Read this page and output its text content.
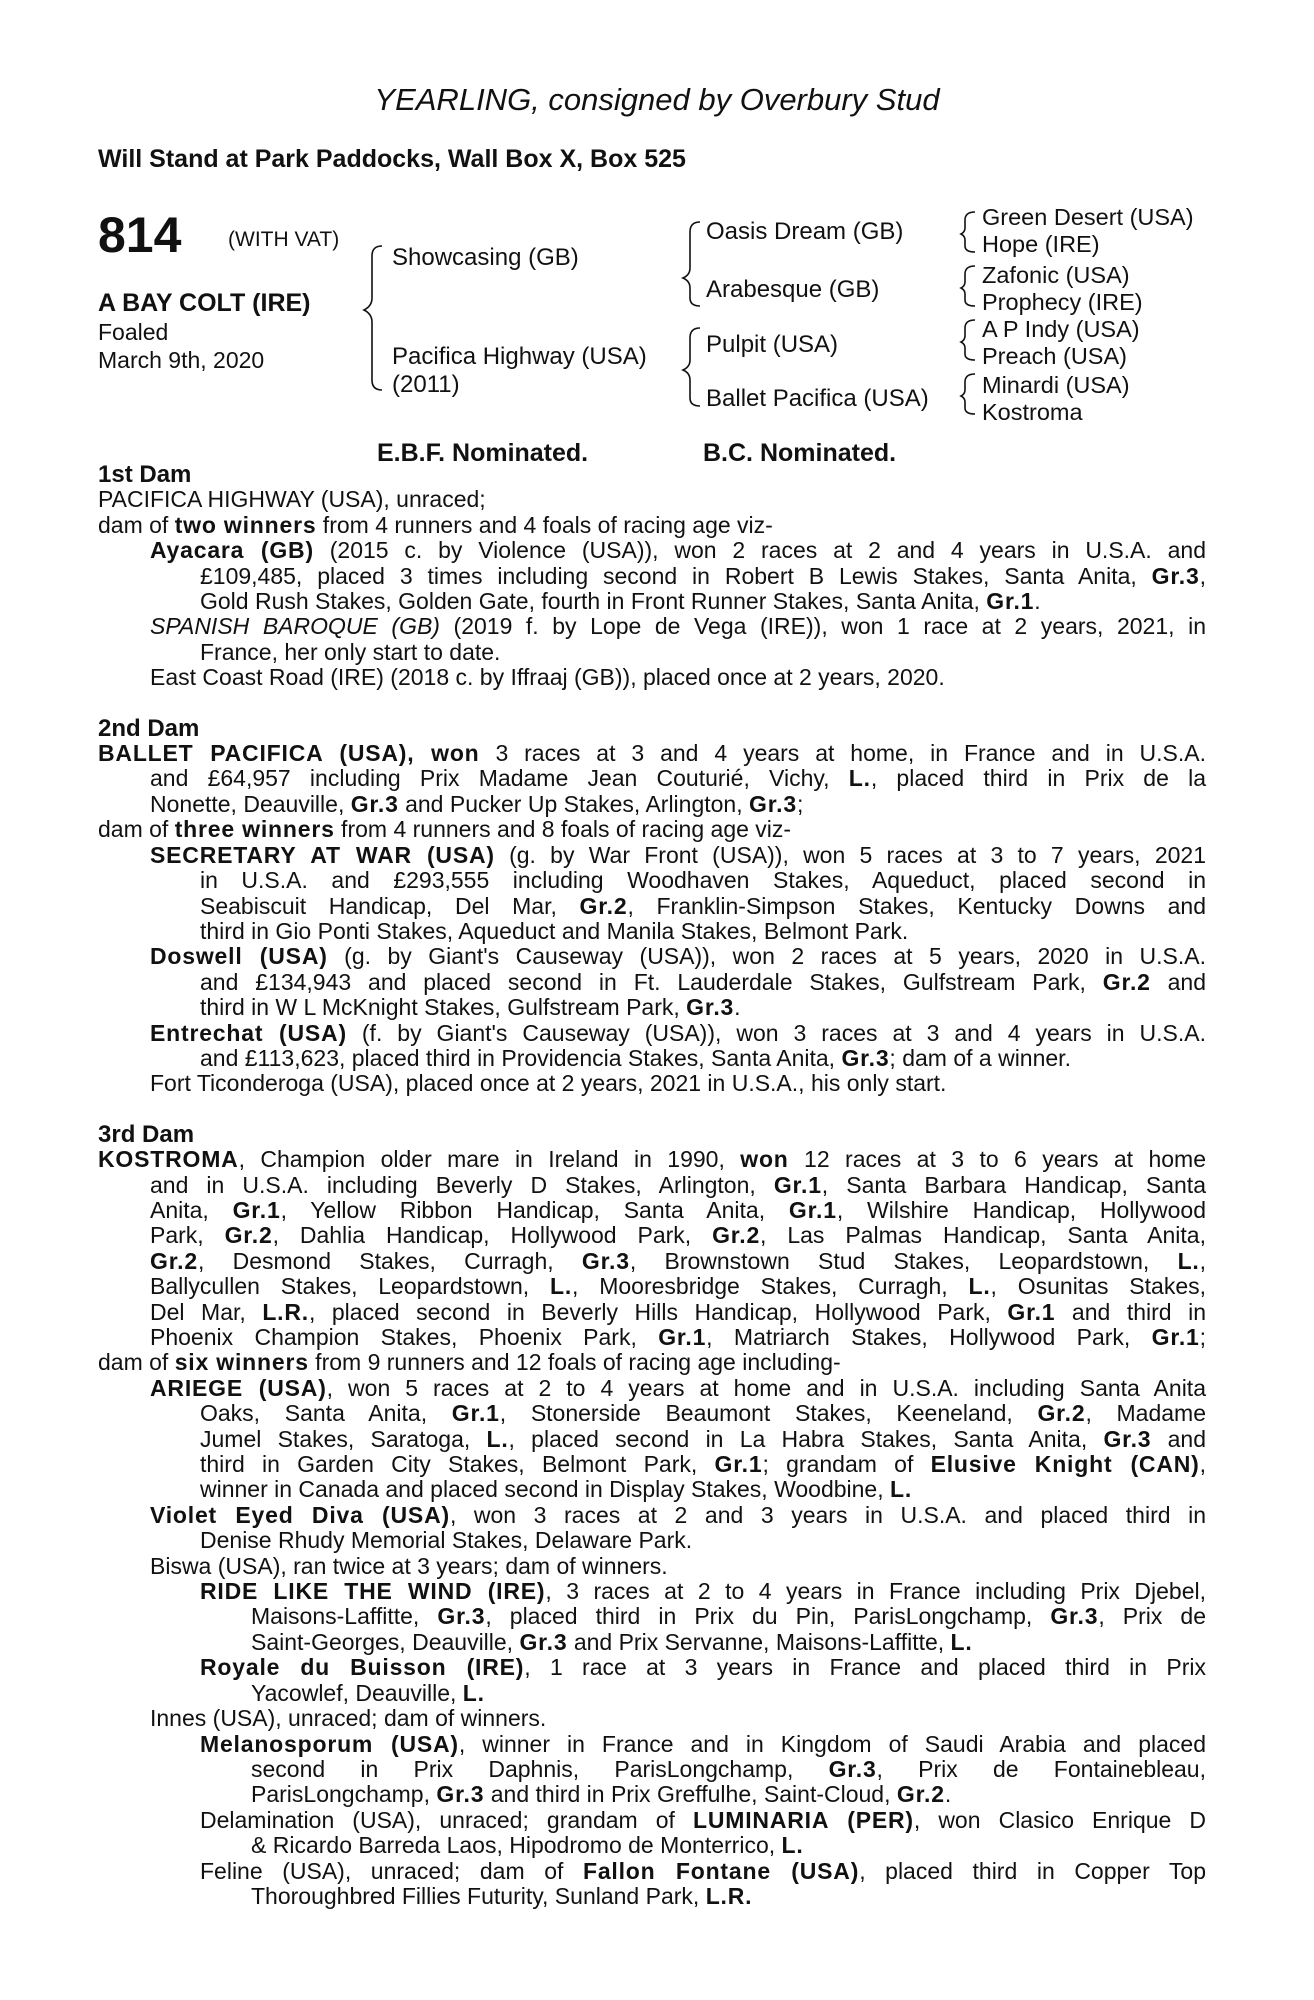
YEARLING, consigned by Overbury Stud
Will Stand at Park Paddocks, Wall Box X, Box 525
814 (WITH VAT)
A BAY COLT (IRE)
Foaled
March 9th, 2020
Showcasing (GB)
Pacifica Highway (USA)
(2011)
Oasis Dream (GB)
Arabesque (GB)
Pulpit (USA)
Ballet Pacifica (USA)
Green Desert (USA)
Hope (IRE)
Zafonic (USA)
Prophecy (IRE)
A P Indy (USA)
Preach (USA)
Minardi (USA)
Kostroma
E.B.F. Nominated.	B.C. Nominated.
1st Dam
PACIFICA HIGHWAY (USA), unraced;
dam of two winners from 4 runners and 4 foals of racing age viz-
Ayacara (GB) (2015 c. by Violence (USA)), won 2 races at 2 and 4 years in U.S.A. and
£109,485, placed 3 times including second in Robert B Lewis Stakes, Santa Anita, Gr.3,
Gold Rush Stakes, Golden Gate, fourth in Front Runner Stakes, Santa Anita, Gr.1.
SPANISH BAROQUE (GB) (2019 f. by Lope de Vega (IRE)), won 1 race at 2 years, 2021, in
France, her only start to date.
East Coast Road (IRE) (2018 c. by Iffraaj (GB)), placed once at 2 years, 2020.
2nd Dam
BALLET PACIFICA (USA), won 3 races at 3 and 4 years at home, in France and in U.S.A.
and £64,957 including Prix Madame Jean Couturié, Vichy, L., placed third in Prix de la
Nonette, Deauville, Gr.3 and Pucker Up Stakes, Arlington, Gr.3;
dam of three winners from 4 runners and 8 foals of racing age viz-
SECRETARY AT WAR (USA) (g. by War Front (USA)), won 5 races at 3 to 7 years, 2021
in U.S.A. and £293,555 including Woodhaven Stakes, Aqueduct, placed second in
Seabiscuit Handicap, Del Mar, Gr.2, Franklin-Simpson Stakes, Kentucky Downs and
third in Gio Ponti Stakes, Aqueduct and Manila Stakes, Belmont Park.
Doswell (USA) (g. by Giant's Causeway (USA)), won 2 races at 5 years, 2020 in U.S.A.
and £134,943 and placed second in Ft. Lauderdale Stakes, Gulfstream Park, Gr.2 and
third in W L McKnight Stakes, Gulfstream Park, Gr.3.
Entrechat (USA) (f. by Giant's Causeway (USA)), won 3 races at 3 and 4 years in U.S.A.
and £113,623, placed third in Providencia Stakes, Santa Anita, Gr.3; dam of a winner.
Fort Ticonderoga (USA), placed once at 2 years, 2021 in U.S.A., his only start.
3rd Dam
KOSTROMA, Champion older mare in Ireland in 1990, won 12 races at 3 to 6 years at home
and in U.S.A. including Beverly D Stakes, Arlington, Gr.1, Santa Barbara Handicap, Santa
Anita, Gr.1, Yellow Ribbon Handicap, Santa Anita, Gr.1, Wilshire Handicap, Hollywood
Park, Gr.2, Dahlia Handicap, Hollywood Park, Gr.2, Las Palmas Handicap, Santa Anita,
Gr.2, Desmond Stakes, Curragh, Gr.3, Brownstown Stud Stakes, Leopardstown, L.,
Ballycullen Stakes, Leopardstown, L., Mooresbridge Stakes, Curragh, L., Osunitas Stakes,
Del Mar, L.R., placed second in Beverly Hills Handicap, Hollywood Park, Gr.1 and third in
Phoenix Champion Stakes, Phoenix Park, Gr.1, Matriarch Stakes, Hollywood Park, Gr.1;
dam of six winners from 9 runners and 12 foals of racing age including-
ARIEGE (USA), won 5 races at 2 to 4 years at home and in U.S.A. including Santa Anita
Oaks, Santa Anita, Gr.1, Stonerside Beaumont Stakes, Keeneland, Gr.2, Madame
Jumel Stakes, Saratoga, L., placed second in La Habra Stakes, Santa Anita, Gr.3 and
third in Garden City Stakes, Belmont Park, Gr.1; grandam of Elusive Knight (CAN),
winner in Canada and placed second in Display Stakes, Woodbine, L.
Violet Eyed Diva (USA), won 3 races at 2 and 3 years in U.S.A. and placed third in
Denise Rhudy Memorial Stakes, Delaware Park.
Biswa (USA), ran twice at 3 years; dam of winners.
RIDE LIKE THE WIND (IRE), 3 races at 2 to 4 years in France including Prix Djebel,
Maisons-Laffitte, Gr.3, placed third in Prix du Pin, ParisLongchamp, Gr.3, Prix de
Saint-Georges, Deauville, Gr.3 and Prix Servanne, Maisons-Laffitte, L.
Royale du Buisson (IRE), 1 race at 3 years in France and placed third in Prix
Yacowlef, Deauville, L.
Innes (USA), unraced; dam of winners.
Melanosporum (USA), winner in France and in Kingdom of Saudi Arabia and placed
second in Prix Daphnis, ParisLongchamp, Gr.3, Prix de Fontainebleau,
ParisLongchamp, Gr.3 and third in Prix Greffulhe, Saint-Cloud, Gr.2.
Delamination (USA), unraced; grandam of LUMINARIA (PER), won Clasico Enrique D
& Ricardo Barreda Laos, Hipodromo de Monterrico, L.
Feline (USA), unraced; dam of Fallon Fontane (USA), placed third in Copper Top
Thoroughbred Fillies Futurity, Sunland Park, L.R.
